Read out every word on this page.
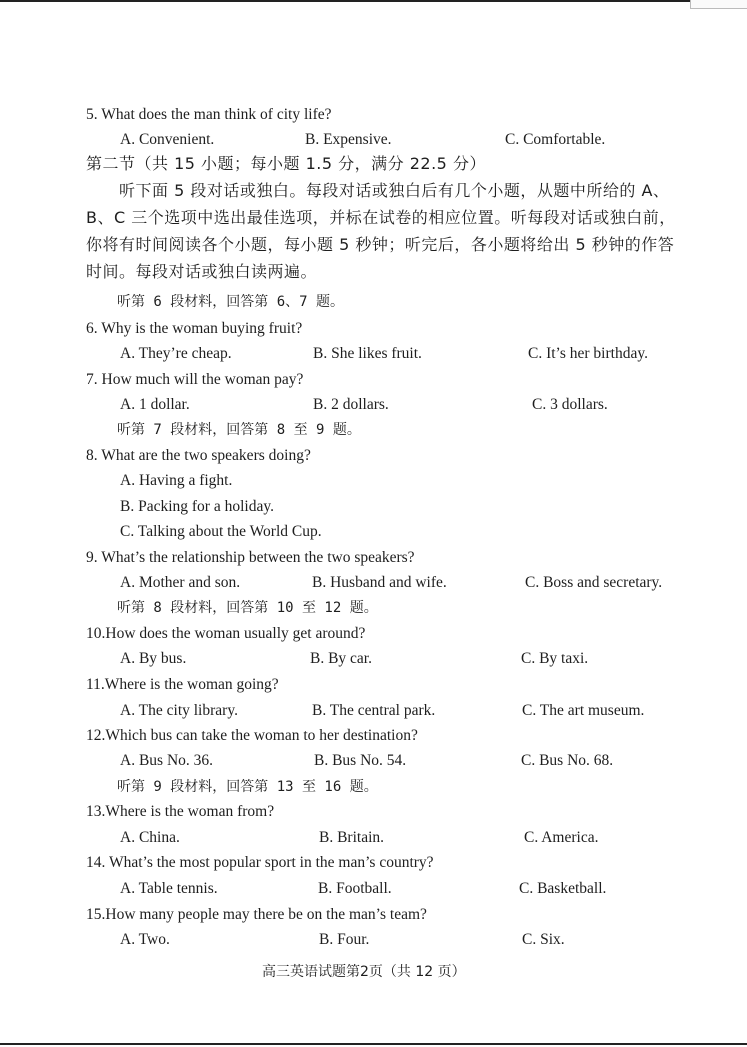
5. What does the man think of city life?
A. Convenient.	B. Expensive.	C. Comfortable.
第二节（共 15 小题；每小题 1.5 分，满分 22.5 分）
听下面 5 段对话或独白。每段对话或独白后有几个小题，从题中所给的 A、
B、C 三个选项中选出最佳选项，并标在试卷的相应位置。听每段对话或独白前，
你将有时间阅读各个小题，每小题 5 秒钟；听完后，各小题将给出 5 秒钟的作答
时间。每段对话或独白读两遍。
听第 6 段材料，回答第 6、7 题。
6. Why is the woman buying fruit?
A. They’re cheap.	B. She likes fruit.	C. It’s her birthday.
7. How much will the woman pay?
A. 1 dollar.	B. 2 dollars.	C. 3 dollars.
听第 7 段材料，回答第 8 至 9 题。
8. What are the two speakers doing?
A. Having a fight.
B. Packing for a holiday.
C. Talking about the World Cup.
9. What’s the relationship between the two speakers?
A. Mother and son.	B. Husband and wife.	C. Boss and secretary.
听第 8 段材料，回答第 10 至 12 题。
10.How does the woman usually get around?
A. By bus.	B. By car.	C. By taxi.
11.Where is the woman going?
A. The city library.	B. The central park.	C. The art museum.
12.Which bus can take the woman to her destination?
A. Bus No. 36.	B. Bus No. 54.	C. Bus No. 68.
听第 9 段材料，回答第 13 至 16 题。
13.Where is the woman from?
A. China.	B. Britain.	C. America.
14. What’s the most popular sport in the man’s country?
A. Table tennis.	B. Football.	C. Basketball.
15.How many people may there be on the man’s team?
A. Two.	B. Four.	C. Six.
高三英语试题第2页（共 12 页）
